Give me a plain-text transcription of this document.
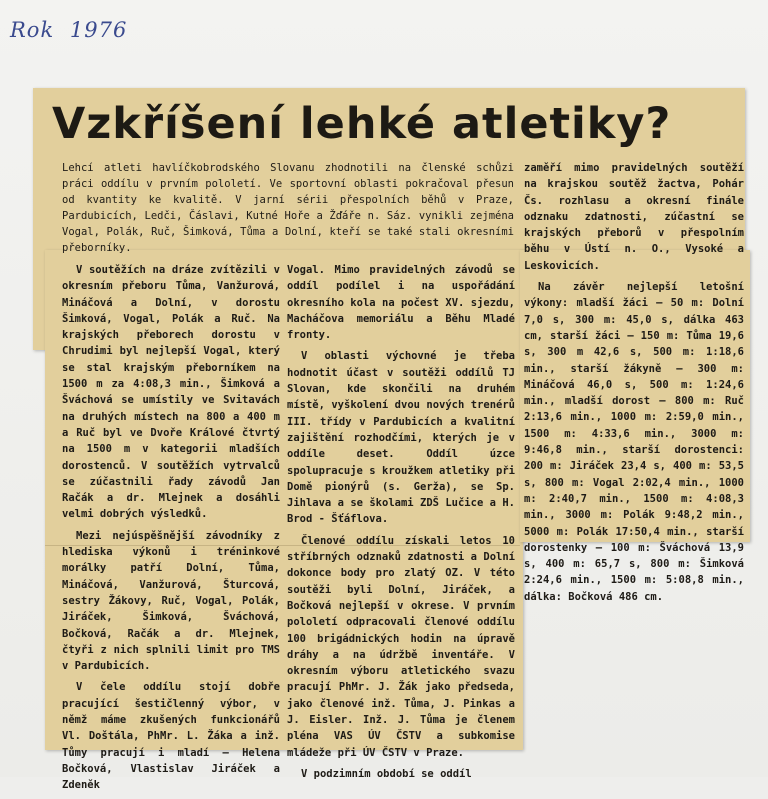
Rok 1976
Vzkříšení lehké atletiky?

Lehcí atleti havlíčkobrodského Slovanu zhodnotili na členské schůzi práci oddílu v prvním pololetí. Ve sportovní oblasti pokračoval přesun od kvantity ke kvalitě. V jarní sérii přespolních běhů v Praze, Pardubicích, Ledči, Čáslavi, Kutné Hoře a Žďáře n. Sáz. vynikli zejména Vogal, Polák, Ruč, Šimková, Tůma a Dolní, kteří se také stali okresními přeborníky.

V soutěžích na dráze zvítězili v okresním přeboru Tůma, Vanžurová, Mináčová a Dolní, v dorostu Šimková, Vogal, Polák a Ruč. Na krajských přeborech dorostu v Chrudimi byl nejlepší Vogal, který se stal krajským přeborníkem na 1500 m za 4:08,3 min., Šimková a Šváchová se umístily ve Svitavách na druhých místech na 800 a 400 m a Ruč byl ve Dvoře Králové čtvrtý na 1500 m v kategorii mladších dorostenců. V soutěžích vytrvalců se zúčastnili řady závodů Jan Račák a dr. Mlejnek a dosáhli velmi dobrých výsledků.

Mezi nejúspěšnější závodníky z hlediska výkonů i tréninkové morálky patří Dolní, Tůma, Mináčová, Vanžurová, Šturcová, sestry Žákovy, Ruč, Vogal, Polák, Jiráček, Šimková, Šváchová, Bočková, Račák a dr. Mlejnek, čtyři z nich splnili limit pro TMS v Pardubicích.

V čele oddílu stojí dobře pracující šestičlenný výbor, v němž máme zkušených funkcionářů Vl. Doštála, PhMr. L. Žáka a inž. Tůmy pracují i mladí — Helena Bočková, Vlastislav Jiráček a Zdeněk

Vogal. Mimo pravidelných závodů se oddíl podílel i na uspořádání okresního kola na počest XV. sjezdu, Macháčova memoriálu a Běhu Mladé fronty.

V oblasti výchovné je třeba hodnotit účast v soutěži oddílů TJ Slovan, kde skončili na druhém místě, vyškolení dvou nových trenérů III. třídy v Pardubicích a kvalitní zajištění rozhodčími, kterých je v oddíle deset. Oddíl úzce spolupracuje s kroužkem atletiky při Domě pionýrů (s. Gerža), se Sp. Jihlava a se školami ZDŠ Lučice a H. Brod - Šťáflova.

Členové oddílu získali letos 10 stříbrných odznaků zdatnosti a Dolní dokonce body pro zlatý OZ. V této soutěži byli Dolní, Jiráček, a Bočková nejlepší v okrese. V prvním pololetí odpracovali členové oddílu 100 brigádnických hodin na úpravě dráhy a na údržbě inventáře. V okresním výboru atletického svazu pracují PhMr. J. Žák jako předseda, jako členové inž. Tůma, J. Pinkas a J. Eisler. Inž. J. Tůma je členem pléna VAS ÚV ČSTV a subkomise mládeže při ÚV ČSTV v Praze.

V podzimním období se oddíl

zaměří mimo pravidelných soutěží na krajskou soutěž žactva, Pohár Čs. rozhlasu a okresní finále odznaku zdatnosti, zúčastní se krajských přeborů v přespolním běhu v Ústí n. O., Vysoké a Leskovicích.

Na závěr nejlepší letošní výkony: mladší žáci — 50 m: Dolní 7,0 s, 300 m: 45,0 s, dálka 463 cm, starší žáci — 150 m: Tůma 19,6 s, 300 m 42,6 s, 500 m: 1:18,6 min., starší žákyně — 300 m: Mináčová 46,0 s, 500 m: 1:24,6 min., mladší dorost — 800 m: Ruč 2:13,6 min., 1000 m: 2:59,0 min., 1500 m: 4:33,6 min., 3000 m: 9:46,8 min., starší dorostenci: 200 m: Jiráček 23,4 s, 400 m: 53,5 s, 800 m: Vogal 2:02,4 min., 1000 m: 2:40,7 min., 1500 m: 4:08,3 min., 3000 m: Polák 9:48,2 min., 5000 m: Polák 17:50,4 min., starší dorostenky — 100 m: Šváchová 13,9 s, 400 m: 65,7 s, 800 m: Šimková 2:24,6 min., 1500 m: 5:08,8 min., dálka: Bočková 486 cm.
